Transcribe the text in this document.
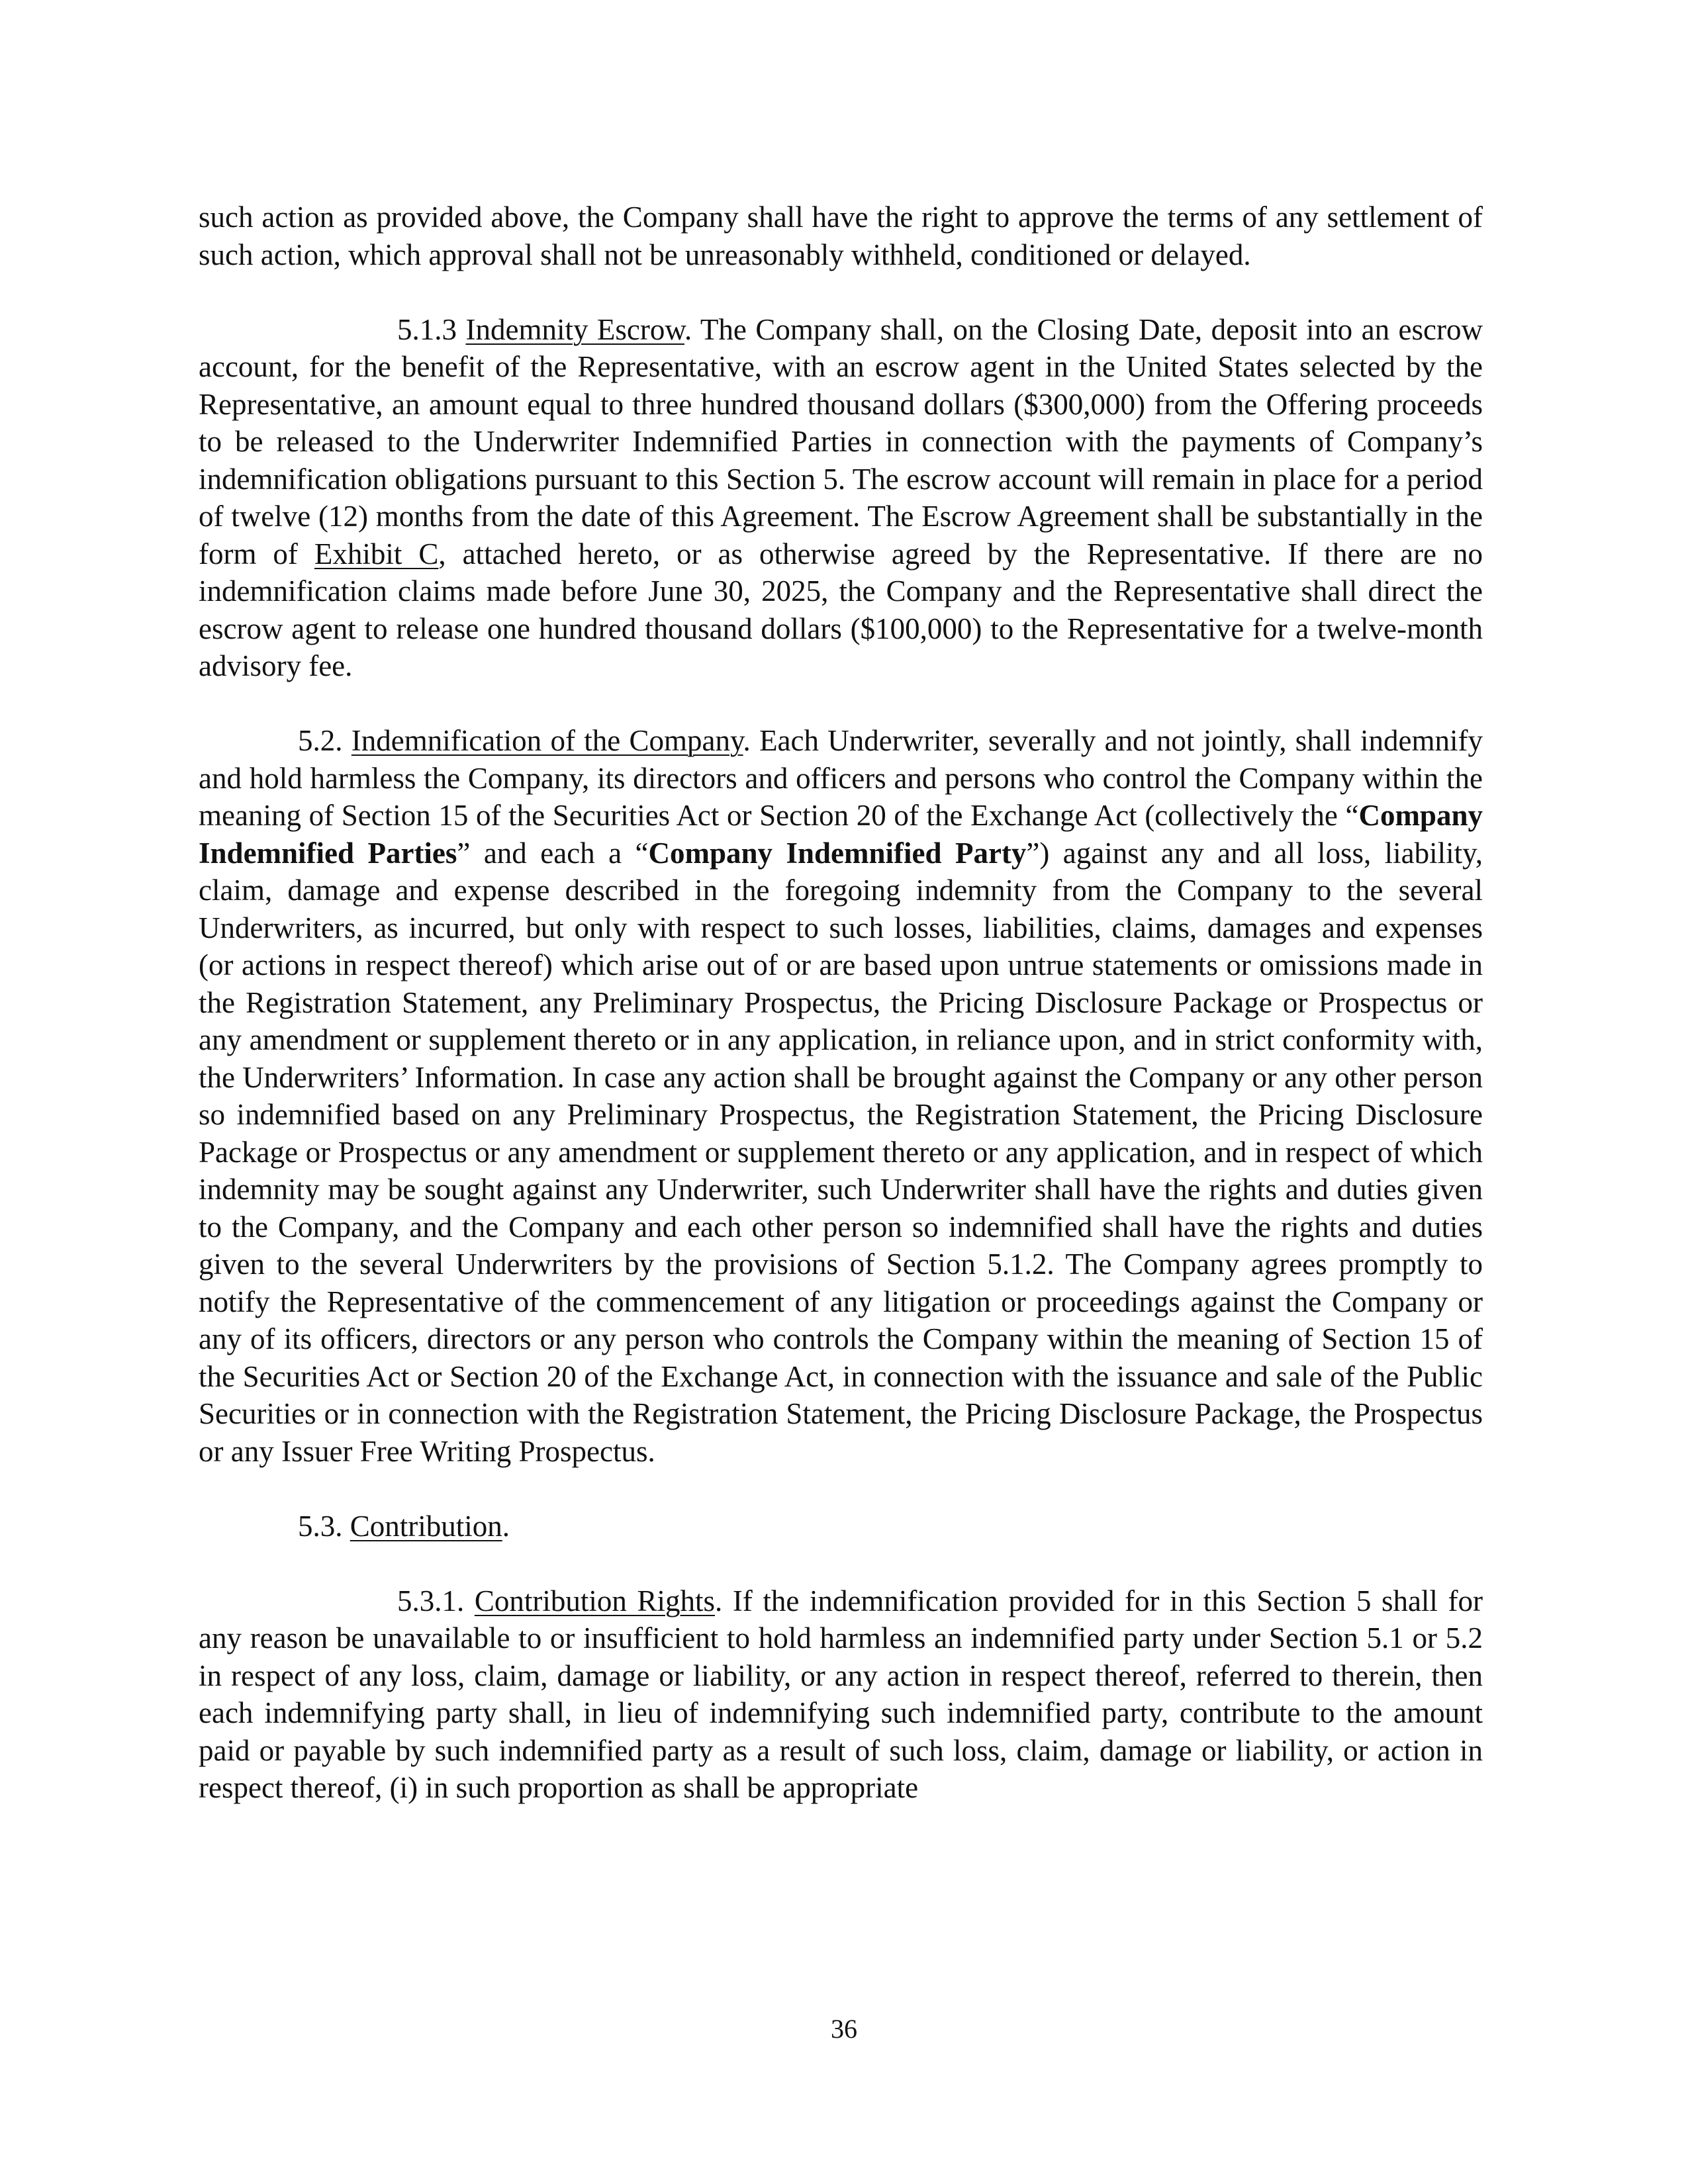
such action as provided above, the Company shall have the right to approve the terms of any settlement of such action, which approval shall not be unreasonably withheld, conditioned or delayed.

5.1.3 Indemnity Escrow. The Company shall, on the Closing Date, deposit into an escrow account, for the benefit of the Representative, with an escrow agent in the United States selected by the Representative, an amount equal to three hundred thousand dollars ($300,000) from the Offering proceeds to be released to the Underwriter Indemnified Parties in connection with the payments of Company’s indemnification obligations pursuant to this Section 5. The escrow account will remain in place for a period of twelve (12) months from the date of this Agreement. The Escrow Agreement shall be substantially in the form of Exhibit C, attached hereto, or as otherwise agreed by the Representative. If there are no indemnification claims made before June 30, 2025, the Company and the Representative shall direct the escrow agent to release one hundred thousand dollars ($100,000) to the Representative for a twelve-month advisory fee.

5.2. Indemnification of the Company. Each Underwriter, severally and not jointly, shall indemnify and hold harmless the Company, its directors and officers and persons who control the Company within the meaning of Section 15 of the Securities Act or Section 20 of the Exchange Act (collectively the “Company Indemnified Parties” and each a “Company Indemnified Party”) against any and all loss, liability, claim, damage and expense described in the foregoing indemnity from the Company to the several Underwriters, as incurred, but only with respect to such losses, liabilities, claims, damages and expenses (or actions in respect thereof) which arise out of or are based upon untrue statements or omissions made in the Registration Statement, any Preliminary Prospectus, the Pricing Disclosure Package or Prospectus or any amendment or supplement thereto or in any application, in reliance upon, and in strict conformity with, the Underwriters’ Information. In case any action shall be brought against the Company or any other person so indemnified based on any Preliminary Prospectus, the Registration Statement, the Pricing Disclosure Package or Prospectus or any amendment or supplement thereto or any application, and in respect of which indemnity may be sought against any Underwriter, such Underwriter shall have the rights and duties given to the Company, and the Company and each other person so indemnified shall have the rights and duties given to the several Underwriters by the provisions of Section 5.1.2. The Company agrees promptly to notify the Representative of the commencement of any litigation or proceedings against the Company or any of its officers, directors or any person who controls the Company within the meaning of Section 15 of the Securities Act or Section 20 of the Exchange Act, in connection with the issuance and sale of the Public Securities or in connection with the Registration Statement, the Pricing Disclosure Package, the Prospectus or any Issuer Free Writing Prospectus.

5.3. Contribution.

5.3.1. Contribution Rights. If the indemnification provided for in this Section 5 shall for any reason be unavailable to or insufficient to hold harmless an indemnified party under Section 5.1 or 5.2 in respect of any loss, claim, damage or liability, or any action in respect thereof, referred to therein, then each indemnifying party shall, in lieu of indemnifying such indemnified party, contribute to the amount paid or payable by such indemnified party as a result of such loss, claim, damage or liability, or action in respect thereof, (i) in such proportion as shall be appropriate

36
